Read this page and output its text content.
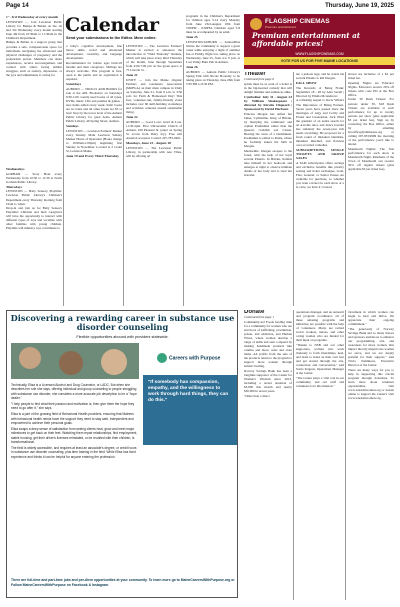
Page 14	Thursday, June 19, 2025
Calendar
Send your submissions to the Editor. More online.

1". 3rd Wednesday of every month

LEWISTON — Join Lewiston Public Library for Bumps & Babies on the 1st and 3rd Wednesday every month starting June 4th from 10:30am to 11:30am in the Children's Department.

Bumps & Babies is a support group that provides a safe, compassionate space for individuals navigating the emotional and physical challenges of pregnancy and the postpartum period. Members can share experiences, receive encouragement, and connect with others facing similar struggles, such as anxiety, depression, or the joys and adjustments to caring for

Wednesdays

GORHAM — Story Hour every Wednesday from 10:30 to 11:30 at North Gorham Public Library.

Thursdays

LEWISTON — Baby Sensory Playtime: Lewiston Public Library's Children's Department every Thursday morning from 10am to 12pm.

Drop-in and join us for Baby Sensory Playtime! Children and their caregivers will have the opportunity to interact with different types of toys and socialize with other families with young children. Playtime will ministry toys contributes to

a baby's cognitive development, fine motor skills, social and emotional development, creativity, and language development.

Recommended for babies ages birth-18 months and their caregivers. Siblings are always welcome. This program is free, open to the public and no registration is required.

Saturdays

AUBURN — TROLLS AND BOOKS for sale at the APL Bookstore on Saturdays 9:30-1:00. Gently used books of all types, DVDs, music CDs and puzzles & games - new items added every week. Kids' books are in crates and all other books are $3 or less! Stop by the lower level of the Auburn Public Library for great deals. Auburn Public Library, 49 Spring Street, Auburn.

Sundays

LEWISTON — Lewiston Farmers' Market every Sunday. Main Lewiston Sunday Market Hours of Operation (Hours change to 10:00am-1:00pm) beginning first Sunday in November. Located at 2 Cedar St, Lewiston Maine.

June 19 and Every Third Thursday

LEWISTON — The Lewiston Farmers' Market is excited to announce the introduction of "Third Thursday" markets, which will take place every third Thursday of the month, June through September from 4:00-7:00 pm on the green space at 75 Lincoln St.

June 21

UNITY — Join the Maine Organic Farmers and Gardeners Association (MOFGA) on their main campus in Unity on Saturday, June 21, from 9 a.m. to 3:30 p.m. for Farm & Homestead Day! This free, volunteer-run, family-friendly event includes over 60 skill-building workshops and activities centered around sustainable living.

June 22

AUBURN — Good Love: Grief & Loss. 11:30-2pm. First Universalist Church of Auburn, 169 Pleasant St. (enter on Spring St. across from Dairy Joy). Free will donation accepted. Contact 207-783-0461.

Mondays, June 23 - August 18

LEWISTON — The Lewiston Public Library, in partnership with Axe Vibes, will be offering art

programs in the Children's Department for children ages 5-14 every Monday from June 23rd-August 18th from 5:00PM - 6:30PM. Children aged 5-8 must be accompanied by an adult.

June 25

LEWISTON/AUBURN — SeniorsPlus invites the community to support a great cause while enjoying a night of summer fun at Family Night bar, taking place on Wednesday, June 25, from 4 to 9 p.m. at Lost Valley Burn Pub in Auburn.

June 26

AUBURN — Auburn Public Library's Spring Talk with Nicole Boonday to be taking place on Thursday, June 26th from 5:30 PM to 6:30 PM.

FLAGSHIP CINEMAS
Premium entertainment
Premium entertainment at affordable prices!
WWW.FLAGSHIPCINEMAS.COM
VOTE FOR US FOR FIVE MAINE LOCATIONS!
Theater

Continued from page 6

spirits must be as want of a ticket is in the big-hearted comedy that will delight families and audiences alike.

Cymbeline: July 31 - August 23 by William Shakespeare | directed by Kirstin Cliquard | Sponsored by David Harbour.

Princess Imogen has defied her father, Cymbeline, King of Britain, by marrying the commoner and orphan Posthumus rather than the Queen's cloddish son Cloten. Bearing the curse of a banishment, Posthumus is exiled to Rome, where he foolishly stakes his faith in Imogen.

Meanwhile, Imogen escapes to the forest, with the help of her loyal servant Pisanio. In Britain, Italians take himself in her bedroom and emerges at night to observe intimate details of her body and to steal her bracelet.

nto a jealous rage, and he orders his servant Pisanio to kill Imogen.

FALL SHOW

The Rewards of Being Frank: September 18 - 28 by Alex Sevell | Directed by Emma McAndrews

A rollicking sequel to Oscar Wilde's The Importance of Being Earnest. Seven years have passed since the marriages of Algy and Cecily and Ernest and Gwendolen. Jack lifted the gauntlet of an entire search for an at-home tutor, and Jack's boarder has suddenly the seven-year itch needs scratching. He proposed for a fresh round of mistaken identities, mistaken mischief, and flawless over-crowded comedies.

SUBSCRIPTIONS, SINGLE TICKETS AND GROUP SALES

A TAM subscription offers savings and exclusive benefits like priority seating and ticket exchanges. Gold, Flex, General, or Senior Passes are available for purchase, so whether you want a ticket for each show or a la carte, we have it covered.

shown are inclusive of a $3 per ticket fee.

Opening Nights are Educator Nights. Educators receive 20% off tickets with code ED at the Box Office.

Under 30 Rush Tickets: For patrons under 30, $18 Rush Tickets are available at each performance for up to twenty patrons per show (plus applicable $3 per ticket fee). Sign up by contacting the Box Office, either by emailing boxoffice@tamtheatre.org or calling 207.933.9999 the morning of the performance you'd like to attend.

Monmouth Nights: The first performance for each show is Monmouth Night. Residents of the Town of Monmouth can receive 50% off regular tickets (plus applicable $3 per ticket fee).

Donate

Continued from page 1

Community-led Foods feeding time for a community for women who are survivors of trafficking, prostitution, prison, and addiction, and Hurban Wives, where women develop a range of skills and earn a stipend by making handmade products like candles and more, sales and store items. All profits from the sale of the products return to the program to support more women through holistic healing.

Norway Savings Bank has been a longtime supporter of the Center for Women's Wisdom since 2013, including a recent donation of $3,000 this month and nearly $30,000 in recent years.

"Other than a direct

operations manager, and an outreach and program coordinator, all of these amazing programs and initiatives are possible with the help of volunteers. Many are retired social workers, nurses, and other caring women who are funded for their input on programs.

"Thanks to NSB and our other supporters, women who work tirelessly to form friendships, heal, and learn to stand on their own feet and get started through the arts, connection, and conversation," said Sonia Tergeon, Operations Manager at the Center.

"The Center plays a vital role in our community, and our staff and volunteers love this mission."

vironment in which women can begin to heal and thrive. We appreciate their ongoing commitment."

"The generosity of Norway Savings Bank and so many donors and sponsors enables us to enhance our programming, arts, and awareness for more women. Our impact directly impacts the women we serve, and we are deeply grateful for their support," said Tricia Tomlinson, Executive Director of the Center.

There are many ways for you to help in supporting this crucial program through donations. To learn more about volunteer opportunities, visit www.wisdomwomen.org or donate online to support the Center's visit www.wisdomwomen.org.

Discovering a rewarding career in substance use disorder counseling
Flexible opportunities abound with providers statewide.
Careers with Purpose
"If somebody has compassion, empathy, and the willingness to work through hard things, they can do this."

Technically, Elisa is a Licensed Alcohol and Drug Counselor, or LADC. But when she describes her role she says, offering individual and group counseling to people struggling with substance use disorder, she considers a more accurate job description to be a "hope dealer."

"I help people to find what their passion and motivation is, then give them the hope they need to go after it," she says.

Elisa is a part of the growing field of Behavioral Health providers, ensuring that Mainers with behavioral health needs have the support they need to stay safe, independent and empowered to achieve their personal goals.

Elisa swaps a deep sense of satisfaction from seeing clients heal, grow and meet major milestones to get back on their feet. Watching them repair relationships, find employment, stable housing, get their driver's licenses reinstated, or be reunited with their children, is transformational.

The field is widely accessible, and requires at least an associate's degree, or credit hours in substance use disorder counseling, plus time training in the field. While Elisa has lived experience and thinks it can be helpful for anyone entering the profession.

There are full-time and part-time jobs and per-diem opportunities at your community. To learn more go to MaineCareersWithPurpose.org or Follow MaineCareersWithPurpose on Facebook & Instagram.
